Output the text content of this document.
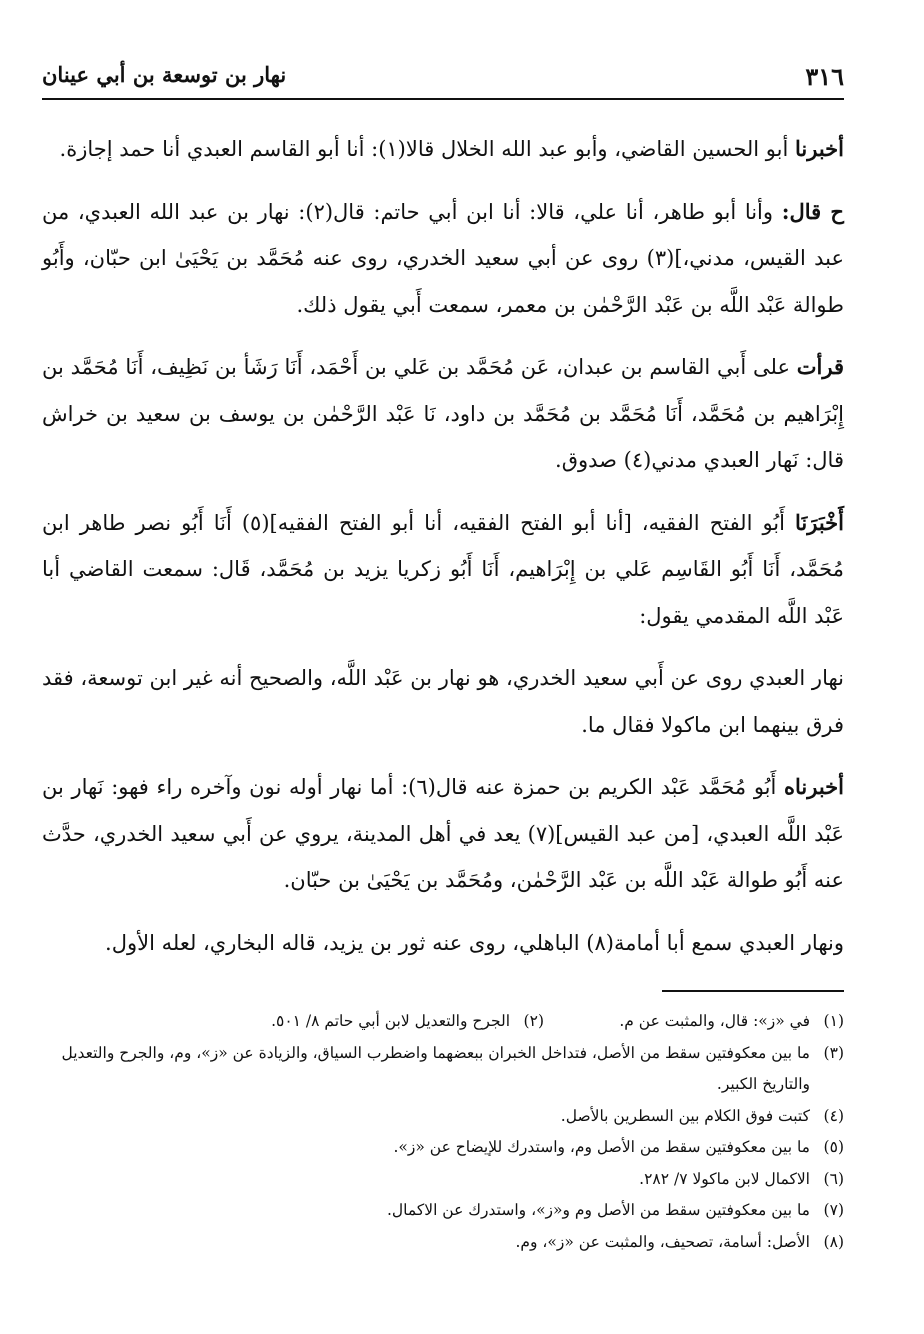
٣١٦
نهار بن توسعة بن أبي عينان

أخبرنا أبو الحسين القاضي، وأبو عبد الله الخلال قالا(١): أنا أبو القاسم العبدي أنا حمد إجازة.

ح قال: وأنا أبو طاهر، أنا علي، قالا: أنا ابن أبي حاتم: قال(٢): نهار بن عبد الله العبدي، من عبد القيس، مدني،](٣) روى عن أبي سعيد الخدري، روى عنه مُحَمَّد بن يَحْيَىٰ ابن حبّان، وأَبُو طوالة عَبْد اللَّه بن عَبْد الرَّحْمٰن بن معمر، سمعت أَبي يقول ذلك.

قرأت على أَبي القاسم بن عبدان، عَن مُحَمَّد بن عَلي بن أَحْمَد، أَنَا رَشَأ بن نَظِيف، أَنَا مُحَمَّد بن إِبْرَاهيم بن مُحَمَّد، أَنَا مُحَمَّد بن مُحَمَّد بن داود، نَا عَبْد الرَّحْمٰن بن يوسف بن سعيد بن خراش قال: نَهار العبدي مدني(٤) صدوق.

أَخْبَرَنَا أَبُو الفتح الفقيه، [أنا أبو الفتح الفقيه، أنا أبو الفتح الفقيه](٥) أَنَا أَبُو نصر طاهر ابن مُحَمَّد، أَنَا أَبُو القَاسِم عَلي بن إِبْرَاهيم، أَنَا أَبُو زكريا يزيد بن مُحَمَّد، قَال: سمعت القاضي أبا عَبْد اللَّه المقدمي يقول:

نهار العبدي روى عن أَبي سعيد الخدري، هو نهار بن عَبْد اللَّه، والصحيح أنه غير ابن توسعة، فقد فرق بينهما ابن ماكولا فقال ما.

أخبرناه أَبُو مُحَمَّد عَبْد الكريم بن حمزة عنه قال(٦): أما نهار أوله نون وآخره راء فهو: نَهار بن عَبْد اللَّه العبدي، [من عبد القيس](٧) يعد في أهل المدينة، يروي عن أَبي سعيد الخدري، حدَّث عنه أَبُو طوالة عَبْد اللَّه بن عَبْد الرَّحْمٰن، ومُحَمَّد بن يَحْيَىٰ بن حبّان.

ونهار العبدي سمع أبا أمامة(٨) الباهلي، روى عنه ثور بن يزيد، قاله البخاري، لعله الأول.

(١)
في «ز»: قال، والمثبت عن م.
(٢)
الجرح والتعديل لابن أبي حاتم ٨/ ٥٠١.
(٣)
ما بين معكوفتين سقط من الأصل، فتداخل الخبران ببعضهما واضطرب السياق، والزيادة عن «ز»، وم، والجرح والتعديل والتاريخ الكبير.
(٤)
كتبت فوق الكلام بين السطرين بالأصل.
(٥)
ما بين معكوفتين سقط من الأصل وم، واستدرك للإيضاح عن «ز».
(٦)
الاكمال لابن ماكولا ٧/ ٢٨٢.
(٧)
ما بين معكوفتين سقط من الأصل وم و«ز»، واستدرك عن الاكمال.
(٨)
الأصل: أسامة، تصحيف، والمثبت عن «ز»، وم.
